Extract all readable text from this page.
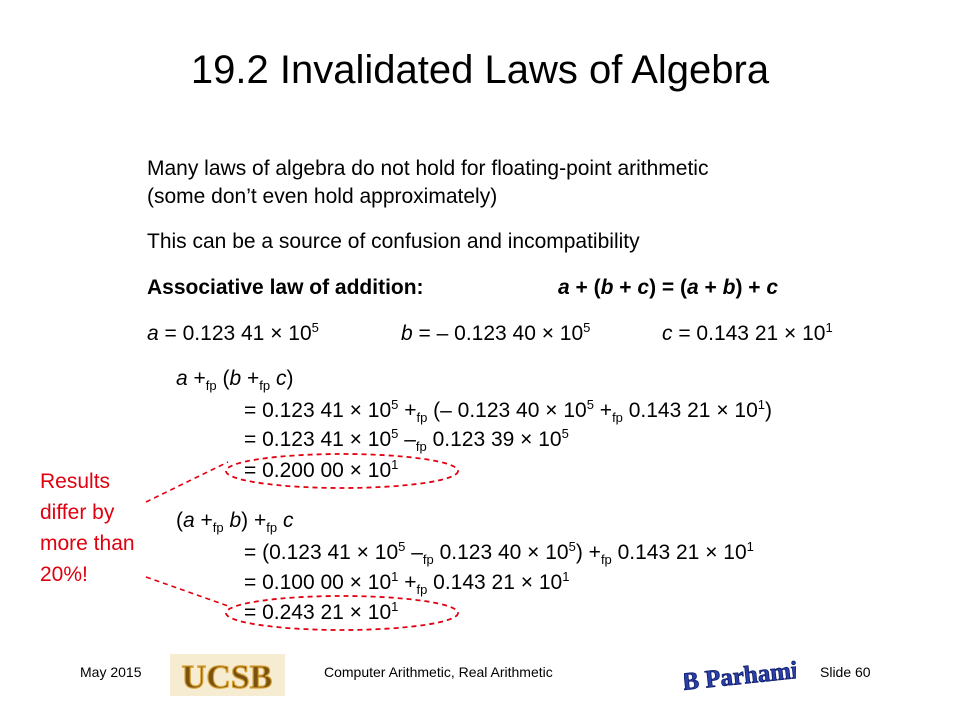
19.2 Invalidated Laws of Algebra
Many laws of algebra do not hold for floating-point arithmetic
(some don’t even hold approximately)
This can be a source of confusion and incompatibility
Associative law of addition:	a + (b + c) = (a + b) + c
a = 0.123 $41 \times 10^5$	b = – 0.123 $40 \times 10^5$	c = 0.143 $21 \times 10^1$
$a +_{fp}$ ($b +_{fp}$ c)
= 0.123 $41 \times 10^5 +_{fp}$ (– 0.123 $40 \times 10^5 +_{fp}$ 0.143 $21 \times 10^1$)
= 0.123 $41 \times 10^5$ $-_{fp}$ 0.123 $39 \times 10^5$
= 0.200 $00 \times 10^1$
($a +_{fp}$ $b) +_{fp}$ c
= (0.123 $41 \times 10^5$ $-_{fp}$ 0.123 $40 \times 10^5) +_{fp}$ 0.143 $21 \times 10^1$
= 0.100 $00 \times 10^1 +_{fp}$ 0.143 $21 \times 10^1$
= 0.243 $21 \times 10^1$
Results differ by more than 20%!
May 2015	Computer Arithmetic, Real Arithmetic	Slide 60
UCSB	B Parhami
